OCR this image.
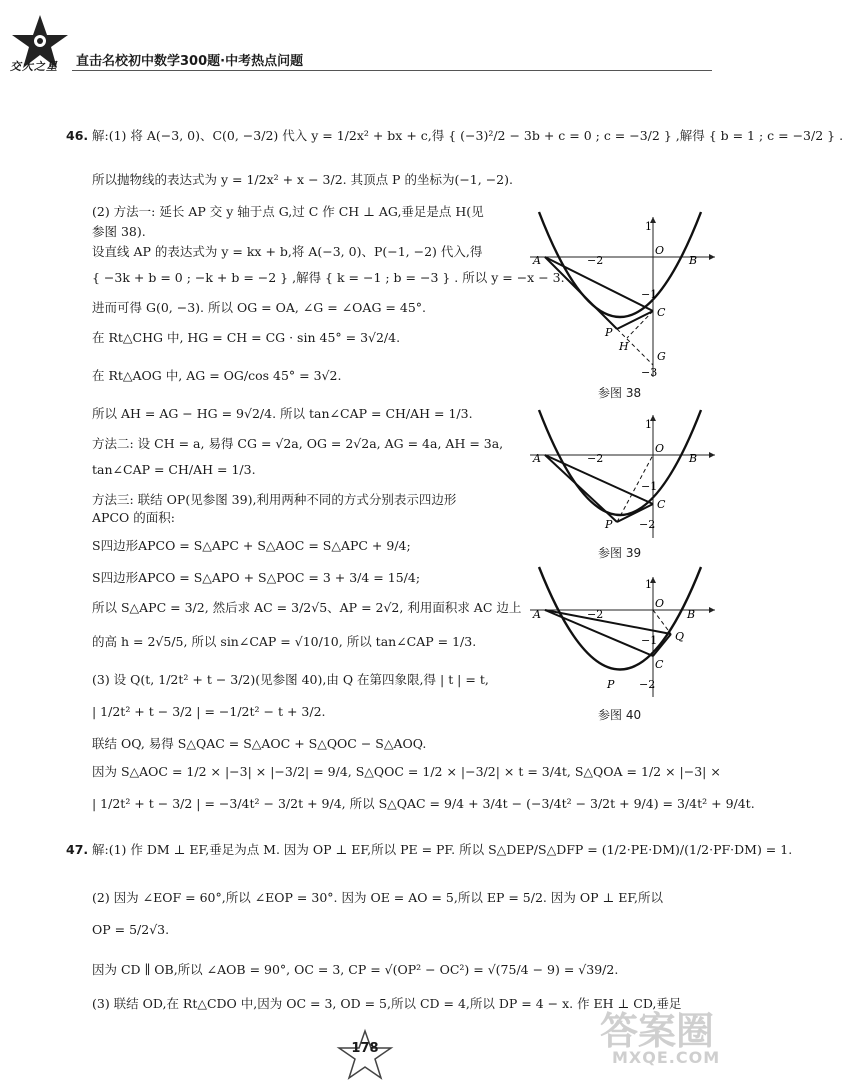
交大之星 直击名校初中数学300题·中考热点问题
46. 解:(1) 将 A(−3, 0)、C(0, −3/2) 代入 y = 1/2x² + bx + c,得 { (−3)²/2 − 3b + c = 0 ; c = −3/2 } ,解得 { b = 1 ; c = −3/2 } .
所以抛物线的表达式为 y = 1/2x² + x − 3/2. 其顶点 P 的坐标为(−1, −2).
(2) 方法一: 延长 AP 交 y 轴于点 G,过 C 作 CH ⊥ AG,垂足是点 H(见
参图 38).
设直线 AP 的表达式为 y = kx + b,将 A(−3, 0)、P(−1, −2) 代入,得
{ −3k + b = 0 ; −k + b = −2 } ,解得 { k = −1 ; b = −3 } . 所以 y = −x − 3.
进而可得 G(0, −3). 所以 OG = OA, ∠G = ∠OAG = 45°.
在 Rt△CHG 中, HG = CH = CG · sin 45° = 3√2/4.
在 Rt△AOG 中, AG = OG/cos 45° = 3√2.
所以 AH = AG − HG = 9√2/4. 所以 tan∠CAP = CH/AH = 1/3.
方法二: 设 CH = a, 易得 CG = √2a, OG = 2√2a, AG = 4a, AH = 3a,
tan∠CAP = CH/AH = 1/3.
方法三: 联结 OP(见参图 39),利用两种不同的方式分别表示四边形
APCO 的面积:
S四边形APCO = S△APC + S△AOC = S△APC + 9/4;
S四边形APCO = S△APO + S△POC = 3 + 3/4 = 15/4;
所以 S△APC = 3/2, 然后求 AC = 3/2√5、AP = 2√2, 利用面积求 AC 边上
的高 h = 2√5/5, 所以 sin∠CAP = √10/10, 所以 tan∠CAP = 1/3.
(3) 设 Q(t, 1/2t² + t − 3/2)(见参图 40),由 Q 在第四象限,得 | t | = t,
| 1/2t² + t − 3/2 | = −1/2t² − t + 3/2.
联结 OQ, 易得 S△QAC = S△AOC + S△QOC − S△AOQ.
因为 S△AOC = 1/2 × |−3| × |−3/2| = 9/4, S△QOC = 1/2 × |−3/2| × t = 3/4t, S△QOA = 1/2 × |−3| ×
| 1/2t² + t − 3/2 | = −3/4t² − 3/2t + 9/4, 所以 S△QAC = 9/4 + 3/4t − (−3/4t² − 3/2t + 9/4) = 3/4t² + 9/4t.
47. 解:(1) 作 DM ⊥ EF,垂足为点 M. 因为 OP ⊥ EF,所以 PE = PF. 所以 S△DEP/S△DFP = (1/2·PE·DM)/(1/2·PF·DM) = 1.
(2) 因为 ∠EOF = 60°,所以 ∠EOP = 30°. 因为 OE = AO = 5,所以 EP = 5/2. 因为 OP ⊥ EF,所以
OP = 5/2√3.
因为 CD ∥ OB,所以 ∠AOB = 90°, OC = 3, CP = √(OP² − OC²) = √(75/4 − 9) = √39/2.
(3) 联结 OD,在 Rt△CDO 中,因为 OC = 3, OD = 5,所以 CD = 4,所以 DP = 4 − x. 作 EH ⊥ CD,垂足
A	−2
O
B
1
−1
C
P
H
G
−3
参图 38
A	−2
O
B
1
−1
C
P −2
参图 39
A	−2
O
B
1
−1
C
Q
P −2
参图 40
178	答案圈
MXQE.COM
